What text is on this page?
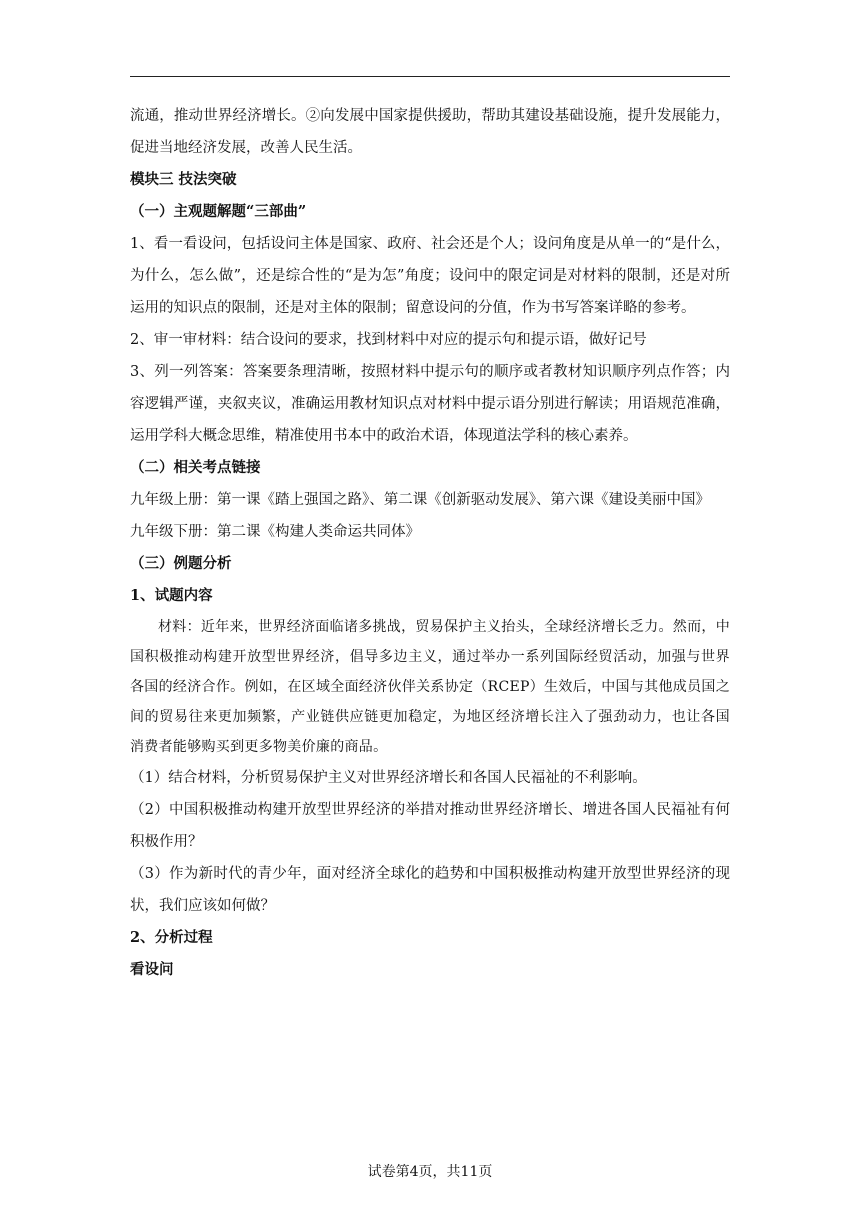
流通，推动世界经济增长。②向发展中国家提供援助，帮助其建设基础设施，提升发展能力，促进当地经济发展，改善人民生活。

模块三 技法突破

（一）主观题解题“三部曲”

1、看一看设问，包括设问主体是国家、政府、社会还是个人；设问角度是从单一的“是什么，为什么，怎么做”，还是综合性的“是为怎”角度；设问中的限定词是对材料的限制，还是对所运用的知识点的限制，还是对主体的限制；留意设问的分值，作为书写答案详略的参考。

2、审一审材料：结合设问的要求，找到材料中对应的提示句和提示语，做好记号

3、列一列答案：答案要条理清晰，按照材料中提示句的顺序或者教材知识顺序列点作答；内容逻辑严谨，夹叙夹议，准确运用教材知识点对材料中提示语分别进行解读；用语规范准确，运用学科大概念思维，精准使用书本中的政治术语，体现道法学科的核心素养。

（二）相关考点链接

九年级上册：第一课《踏上强国之路》、第二课《创新驱动发展》、第六课《建设美丽中国》

九年级下册：第二课《构建人类命运共同体》

（三）例题分析

1、试题内容

材料：近年来，世界经济面临诸多挑战，贸易保护主义抬头，全球经济增长乏力。然而，中国积极推动构建开放型世界经济，倡导多边主义，通过举办一系列国际经贸活动，加强与世界各国的经济合作。例如，在区域全面经济伙伴关系协定（RCEP）生效后，中国与其他成员国之间的贸易往来更加频繁，产业链供应链更加稳定，为地区经济增长注入了强劲动力，也让各国消费者能够购买到更多物美价廉的商品。

（1）结合材料，分析贸易保护主义对世界经济增长和各国人民福祉的不利影响。

（2）中国积极推动构建开放型世界经济的举措对推动世界经济增长、增进各国人民福祉有何积极作用？

（3）作为新时代的青少年，面对经济全球化的趋势和中国积极推动构建开放型世界经济的现状，我们应该如何做？

2、分析过程

看设问

试卷第4页，共11页
